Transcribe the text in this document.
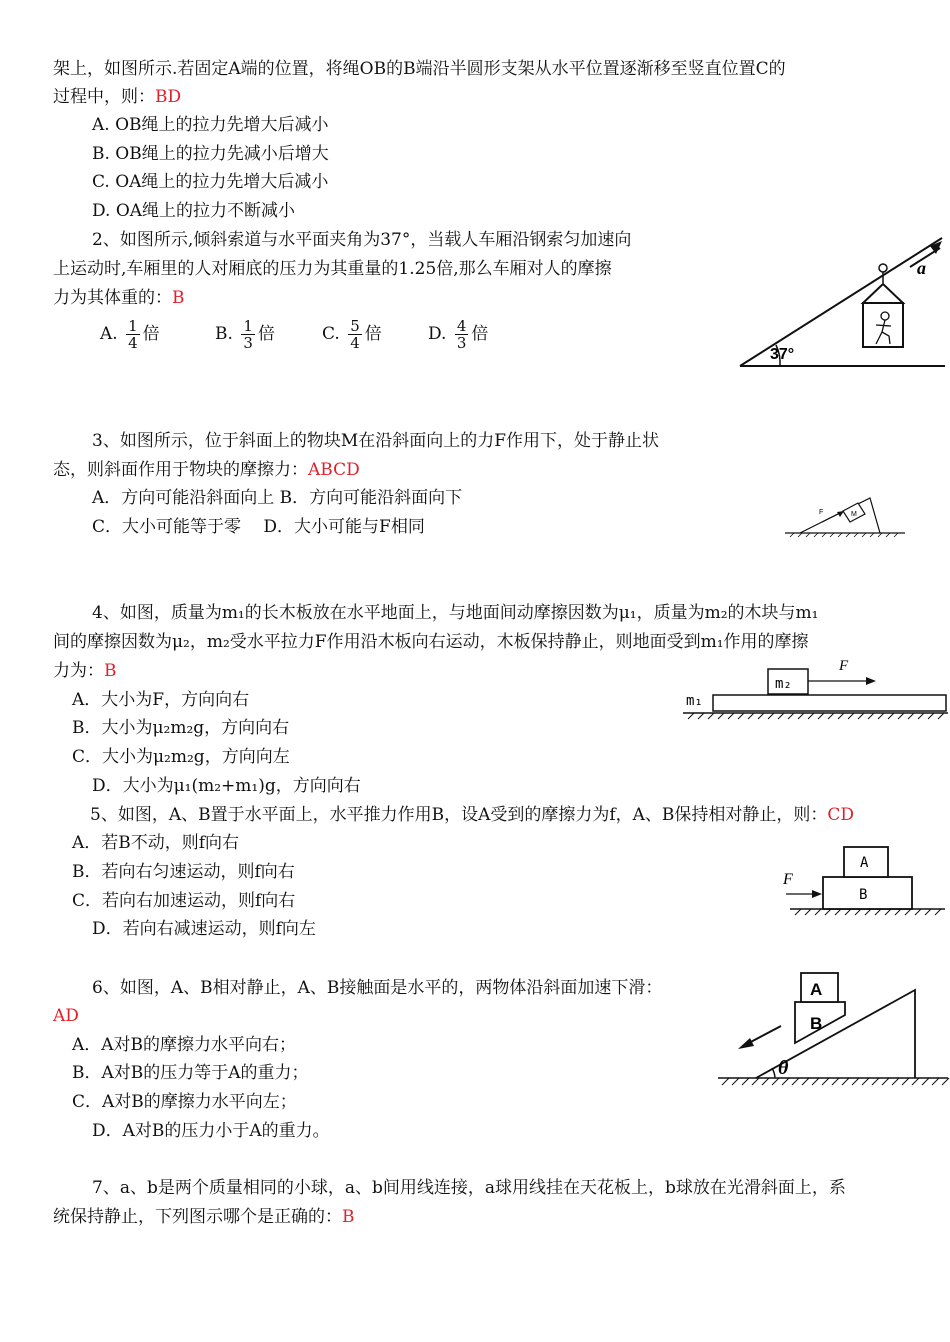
架上，如图所示.若固定A端的位置，将绳OB的B端沿半圆形支架从水平位置逐渐移至竖直位置C的
过程中，则：BD
A. OB绳上的拉力先增大后减小
B. OB绳上的拉力先减小后增大
C. OA绳上的拉力先增大后减小
D. OA绳上的拉力不断减小
2、如图所示,倾斜索道与水平面夹角为37°，当载人车厢沿钢索匀加速向
上运动时,车厢里的人对厢底的压力为其重量的1.25倍,那么车厢对人的摩擦
力为其体重的：B
A. $\frac{1}{4}$ 倍	B. $\frac{1}{3}$ 倍	C. $\frac{5}{4}$ 倍	D. $\frac{4}{3}$ 倍
37°
a
3、如图所示，位于斜面上的物块M在沿斜面向上的力F作用下，处于静止状
态，则斜面作用于物块的摩擦力：ABCD
A．方向可能沿斜面向上 B．方向可能沿斜面向下
C．大小可能等于零　 D．大小可能与F相同
F	M
4、如图，质量为m₁的长木板放在水平地面上，与地面间动摩擦因数为μ₁，质量为m₂的木块与m₁
间的摩擦因数为μ₂，m₂受水平拉力F作用沿木板向右运动，木板保持静止，则地面受到m₁作用的摩擦
力为：B
A．大小为F，方向向右
B．大小为μ₂m₂g，方向向右
C．大小为μ₂m₂g，方向向左
D．大小为μ₁(m₂+m₁)g，方向向右
m₁
m₂
F
5、如图，A、B置于水平面上，水平推力作用B，设A受到的摩擦力为f，A、B保持相对静止，则：CD
A．若B不动，则f向右
B．若向右匀速运动，则f向右
C．若向右加速运动，则f向右
D．若向右减速运动，则f向左
F
A
B
6、如图，A、B相对静止，A、B接触面是水平的，两物体沿斜面加速下滑：
AD
A．A对B的摩擦力水平向右；
B．A对B的压力等于A的重力；
C．A对B的摩擦力水平向左；
D．A对B的压力小于A的重力。
A
B
θ
7、a、b是两个质量相同的小球，a、b间用线连接，a球用线挂在天花板上，b球放在光滑斜面上，系
统保持静止，下列图示哪个是正确的：B
